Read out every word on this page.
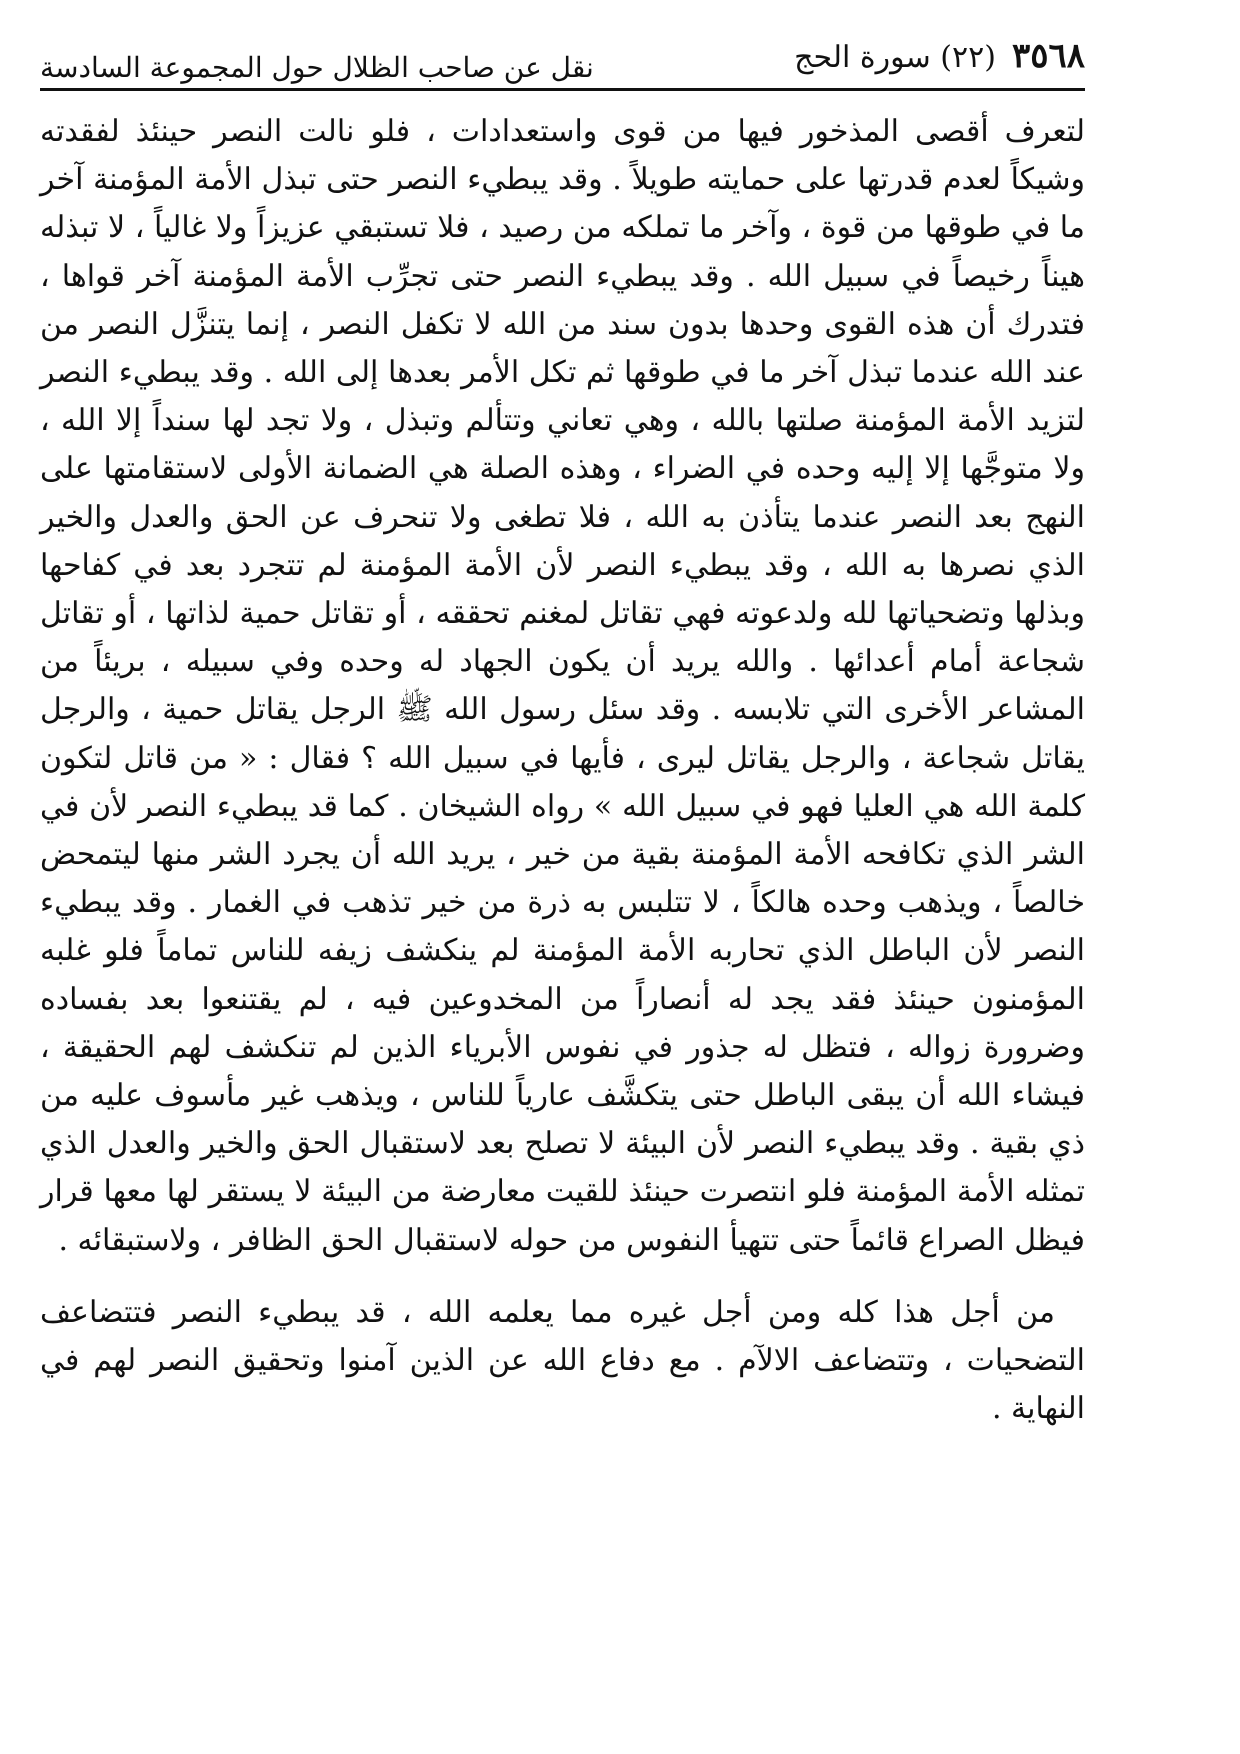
٣٥٦٨
(٢٢) سورة الحج
نقل عن صاحب الظلال حول المجموعة السادسة

لتعرف أقصى المذخور فيها من قوى واستعدادات ، فلو نالت النصر حينئذ لفقدته وشيكاً لعدم قدرتها على حمايته طويلاً . وقد يبطيء النصر حتى تبذل الأمة المؤمنة آخر ما في طوقها من قوة ، وآخر ما تملكه من رصيد ، فلا تستبقي عزيزاً ولا غالياً ، لا تبذله هيناً رخيصاً في سبيل الله . وقد يبطيء النصر حتى تجرِّب الأمة المؤمنة آخر قواها ، فتدرك أن هذه القوى وحدها بدون سند من الله لا تكفل النصر ، إنما يتنزَّل النصر من عند الله عندما تبذل آخر ما في طوقها ثم تكل الأمر بعدها إلى الله . وقد يبطيء النصر لتزيد الأمة المؤمنة صلتها بالله ، وهي تعاني وتتألم وتبذل ، ولا تجد لها سنداً إلا الله ، ولا متوجَّها إلا إليه وحده في الضراء ، وهذه الصلة هي الضمانة الأولى لاستقامتها على النهج بعد النصر عندما يتأذن به الله ، فلا تطغى ولا تنحرف عن الحق والعدل والخير الذي نصرها به الله ، وقد يبطيء النصر لأن الأمة المؤمنة لم تتجرد بعد في كفاحها وبذلها وتضحياتها لله ولدعوته فهي تقاتل لمغنم تحققه ، أو تقاتل حمية لذاتها ، أو تقاتل شجاعة أمام أعدائها . والله يريد أن يكون الجهاد له وحده وفي سبيله ، بريئاً من المشاعر الأخرى التي تلابسه . وقد سئل رسول الله ﷺ الرجل يقاتل حمية ، والرجل يقاتل شجاعة ، والرجل يقاتل ليرى ، فأيها في سبيل الله ؟ فقال : « من قاتل لتكون كلمة الله هي العليا فهو في سبيل الله » رواه الشيخان . كما قد يبطيء النصر لأن في الشر الذي تكافحه الأمة المؤمنة بقية من خير ، يريد الله أن يجرد الشر منها ليتمحض خالصاً ، ويذهب وحده هالكاً ، لا تتلبس به ذرة من خير تذهب في الغمار . وقد يبطيء النصر لأن الباطل الذي تحاربه الأمة المؤمنة لم ينكشف زيفه للناس تماماً فلو غلبه المؤمنون حينئذ فقد يجد له أنصاراً من المخدوعين فيه ، لم يقتنعوا بعد بفساده وضرورة زواله ، فتظل له جذور في نفوس الأبرياء الذين لم تنكشف لهم الحقيقة ، فيشاء الله أن يبقى الباطل حتى يتكشَّف عارياً للناس ، ويذهب غير مأسوف عليه من ذي بقية . وقد يبطيء النصر لأن البيئة لا تصلح بعد لاستقبال الحق والخير والعدل الذي تمثله الأمة المؤمنة فلو انتصرت حينئذ للقيت معارضة من البيئة لا يستقر لها معها قرار فيظل الصراع قائماً حتى تتهيأ النفوس من حوله لاستقبال الحق الظافر ، ولاستبقائه .

من أجل هذا كله ومن أجل غيره مما يعلمه الله ، قد يبطيء النصر فتتضاعف التضحيات ، وتتضاعف الالآم . مع دفاع الله عن الذين آمنوا وتحقيق النصر لهم في النهاية .
